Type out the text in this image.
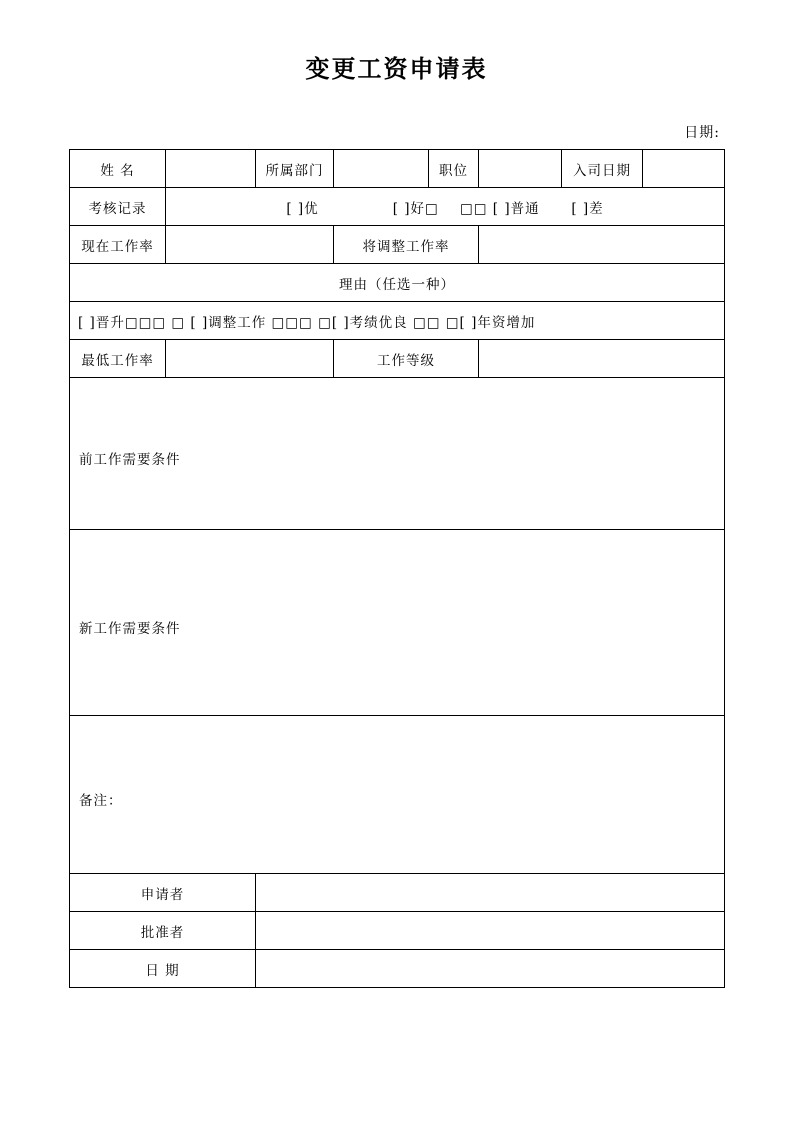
变更工资申请表
日期:
姓 名		所属部门		职位		入司日期	
考核记录	[ ]优              [ ]好□    □□ [ ]普通      [ ]差						
现在工作率			将调整工作率				
理由（任选一种）							
[ ]晋升□□□ □ [ ]调整工作 □□□ □[ ]考绩优良 □□ □[ ]年资增加							
最低工作率			工作等级				
前工作需要条件							
新工作需要条件							
备注：							
申请者							
批准者							
日 期							
